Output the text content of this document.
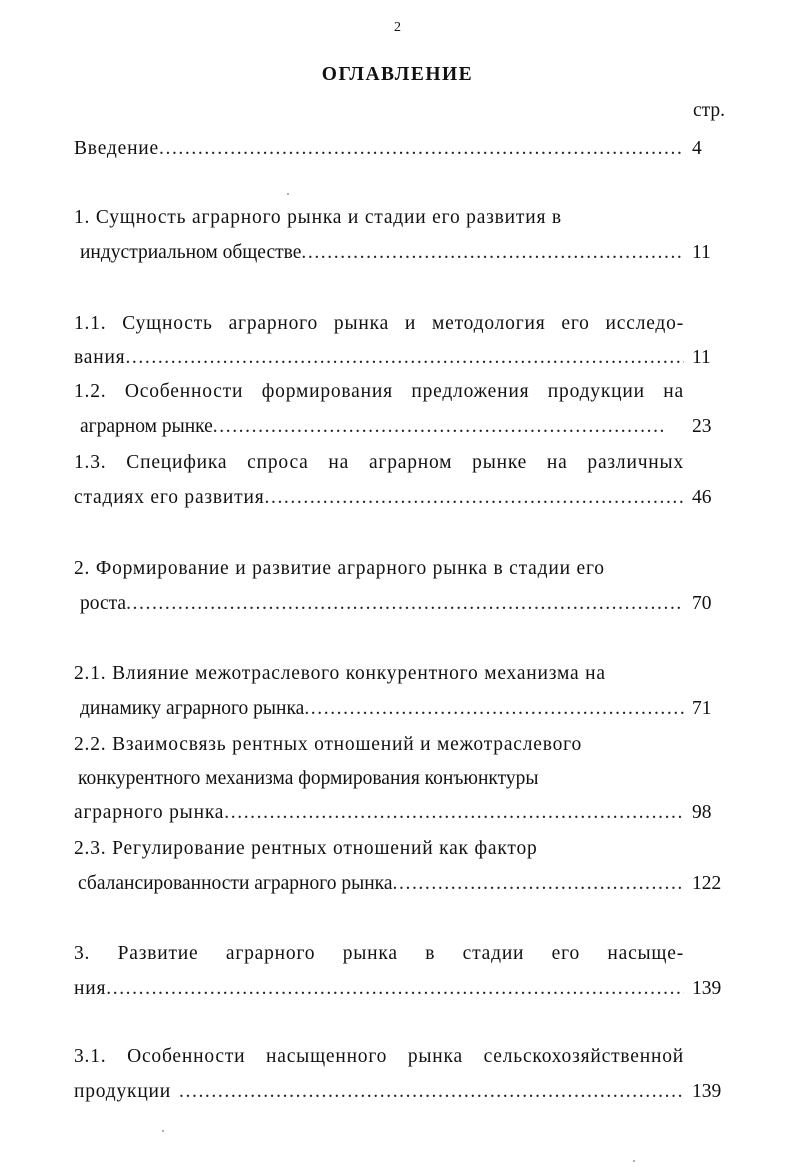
2
ОГЛАВЛЕНИЕ
стр.
Введение .....	4
1. Сущность аграрного рынка и стадии его развития в
индустриальном обществе .....	11
1.1. Сущность аграрного рынка и методология его исследо-
вания .....	11
1.2. Особенности формирования предложения продукции на
аграрном рынке .....	23
1.3. Специфика спроса на аграрном рынке на различных
стадиях его развития .....	46
2. Формирование и развитие аграрного рынка в стадии его
роста .....	70
2.1. Влияние межотраслевого конкурентного механизма на
динамику аграрного рынка .....	71
2.2. Взаимосвязь рентных отношений и межотраслевого
конкурентного механизма формирования конъюнктуры
аграрного рынка .....	98
2.3. Регулирование рентных отношений как фактор
сбалансированности аграрного рынка .....	122
3. Развитие аграрного рынка в стадии его насыще-
ния .....	139
3.1. Особенности насыщенного рынка сельскохозяйственной
продукции .....	139
